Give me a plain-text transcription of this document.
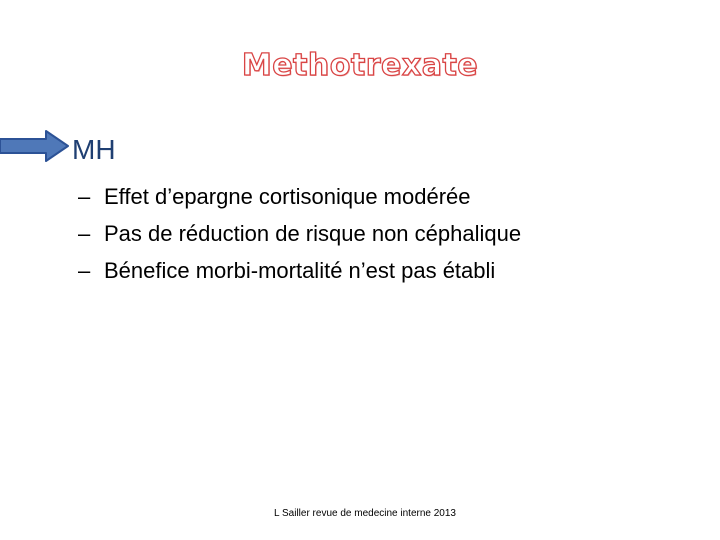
Methotrexate
MH
– Effet d’epargne cortisonique modérée
– Pas de réduction de risque non céphalique
– Bénefice morbi-mortalité n’est pas établi
L Sailler revue de medecine interne 2013
